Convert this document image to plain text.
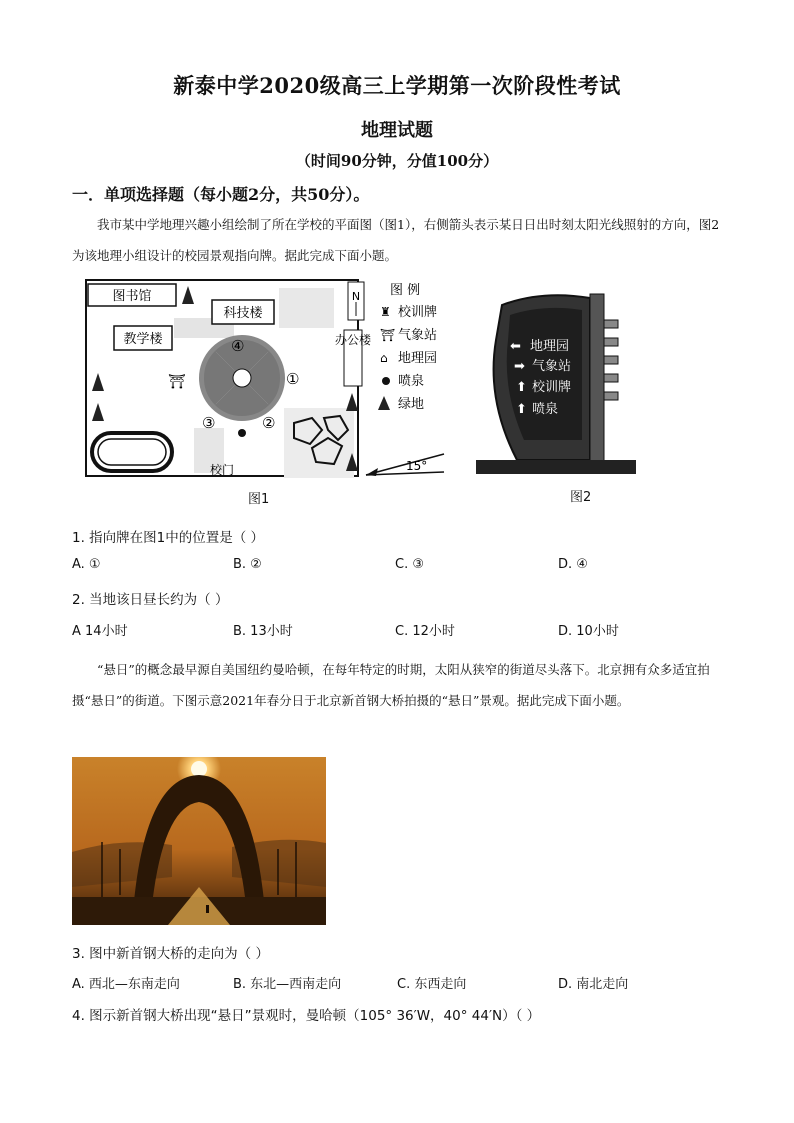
新泰中学2020级高三上学期第一次阶段性考试
地理试题
（时间90分钟，分值100分）
一．单项选择题（每小题2分，共50分）。
我市某中学地理兴趣小组绘制了所在学校的平面图（图1），右侧箭头表示某日日出时刻太阳光线照射的方向，图2为该地理小组设计的校园景观指向牌。据此完成下面小题。
图书馆
科技楼
教学楼
N
办公楼
④
①
②
③
⛩
校门	15°
图 例
♜ 校训牌
⛩ 气象站
⌂ 地理园
喷泉
绿地
图1
⬅ 地理园
➡ 气象站
⬆ 校训牌
⬆ 喷泉
图2
1. 指向牌在图1中的位置是（ ）
A. ①	B. ②	C. ③	D. ④
2. 当地该日昼长约为（ ）
A 14小时	B. 13小时	C. 12小时	D. 10小时
“悬日”的概念最早源自美国纽约曼哈顿，在每年特定的时期，太阳从狭窄的街道尽头落下。北京拥有众多适宜拍摄“悬日”的街道。下图示意2021年春分日于北京新首钢大桥拍摄的“悬日”景观。据此完成下面小题。
3. 图中新首钢大桥的走向为（ ）
A. 西北—东南走向	B. 东北—西南走向	C. 东西走向	D. 南北走向
4. 图示新首钢大桥出现“悬日”景观时，曼哈顿（105° 36′W，40° 44′N）（ ）
